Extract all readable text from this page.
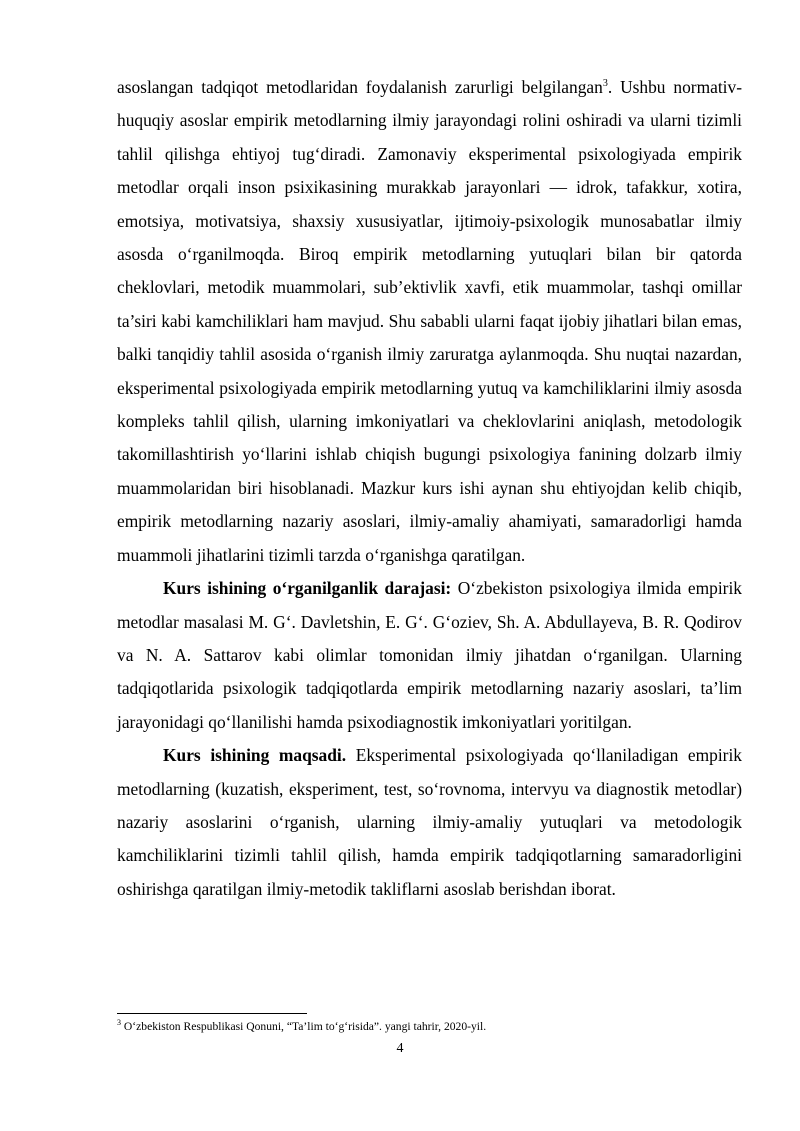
asoslangan tadqiqot metodlaridan foydalanish zarurligi belgilangan$^3$. Ushbu normativ-huquqiy asoslar empirik metodlarning ilmiy jarayondagi rolini oshiradi va ularni tizimli tahlil qilishga ehtiyoj tug‘diradi. Zamonaviy eksperimental psixologiyada empirik metodlar orqali inson psixikasining murakkab jarayonlari — idrok, tafakkur, xotira, emotsiya, motivatsiya, shaxsiy xususiyatlar, ijtimoiy-psixologik munosabatlar ilmiy asosda o‘rganilmoqda. Biroq empirik metodlarning yutuqlari bilan bir qatorda cheklovlari, metodik muammolari, sub’ektivlik xavfi, etik muammolar, tashqi omillar ta’siri kabi kamchiliklari ham mavjud. Shu sababli ularni faqat ijobiy jihatlari bilan emas, balki tanqidiy tahlil asosida o‘rganish ilmiy zaruratga aylanmoqda. Shu nuqtai nazardan, eksperimental psixologiyada empirik metodlarning yutuq va kamchiliklarini ilmiy asosda kompleks tahlil qilish, ularning imkoniyatlari va cheklovlarini aniqlash, metodologik takomillashtirish yo‘llarini ishlab chiqish bugungi psixologiya fanining dolzarb ilmiy muammolaridan biri hisoblanadi. Mazkur kurs ishi aynan shu ehtiyojdan kelib chiqib, empirik metodlarning nazariy asoslari, ilmiy-amaliy ahamiyati, samaradorligi hamda muammoli jihatlarini tizimli tarzda o‘rganishga qaratilgan.

Kurs ishining o‘rganilganlik darajasi: O‘zbekiston psixologiya ilmida empirik metodlar masalasi M. G‘. Davletshin, E. G‘. G‘oziev, Sh. A. Abdullayeva, B. R. Qodirov va N. A. Sattarov kabi olimlar tomonidan ilmiy jihatdan o‘rganilgan. Ularning tadqiqotlarida psixologik tadqiqotlarda empirik metodlarning nazariy asoslari, ta’lim jarayonidagi qo‘llanilishi hamda psixodiagnostik imkoniyatlari yoritilgan.

Kurs ishining maqsadi. Eksperimental psixologiyada qo‘llaniladigan empirik metodlarning (kuzatish, eksperiment, test, so‘rovnoma, intervyu va diagnostik metodlar) nazariy asoslarini o‘rganish, ularning ilmiy-amaliy yutuqlari va metodologik kamchiliklarini tizimli tahlil qilish, hamda empirik tadqiqotlarning samaradorligini oshirishga qaratilgan ilmiy-metodik takliflarni asoslab berishdan iborat.

$^3$ O‘zbekiston Respublikasi Qonuni, “Ta’lim to‘g‘risida”. yangi tahrir, 2020-yil.
4
